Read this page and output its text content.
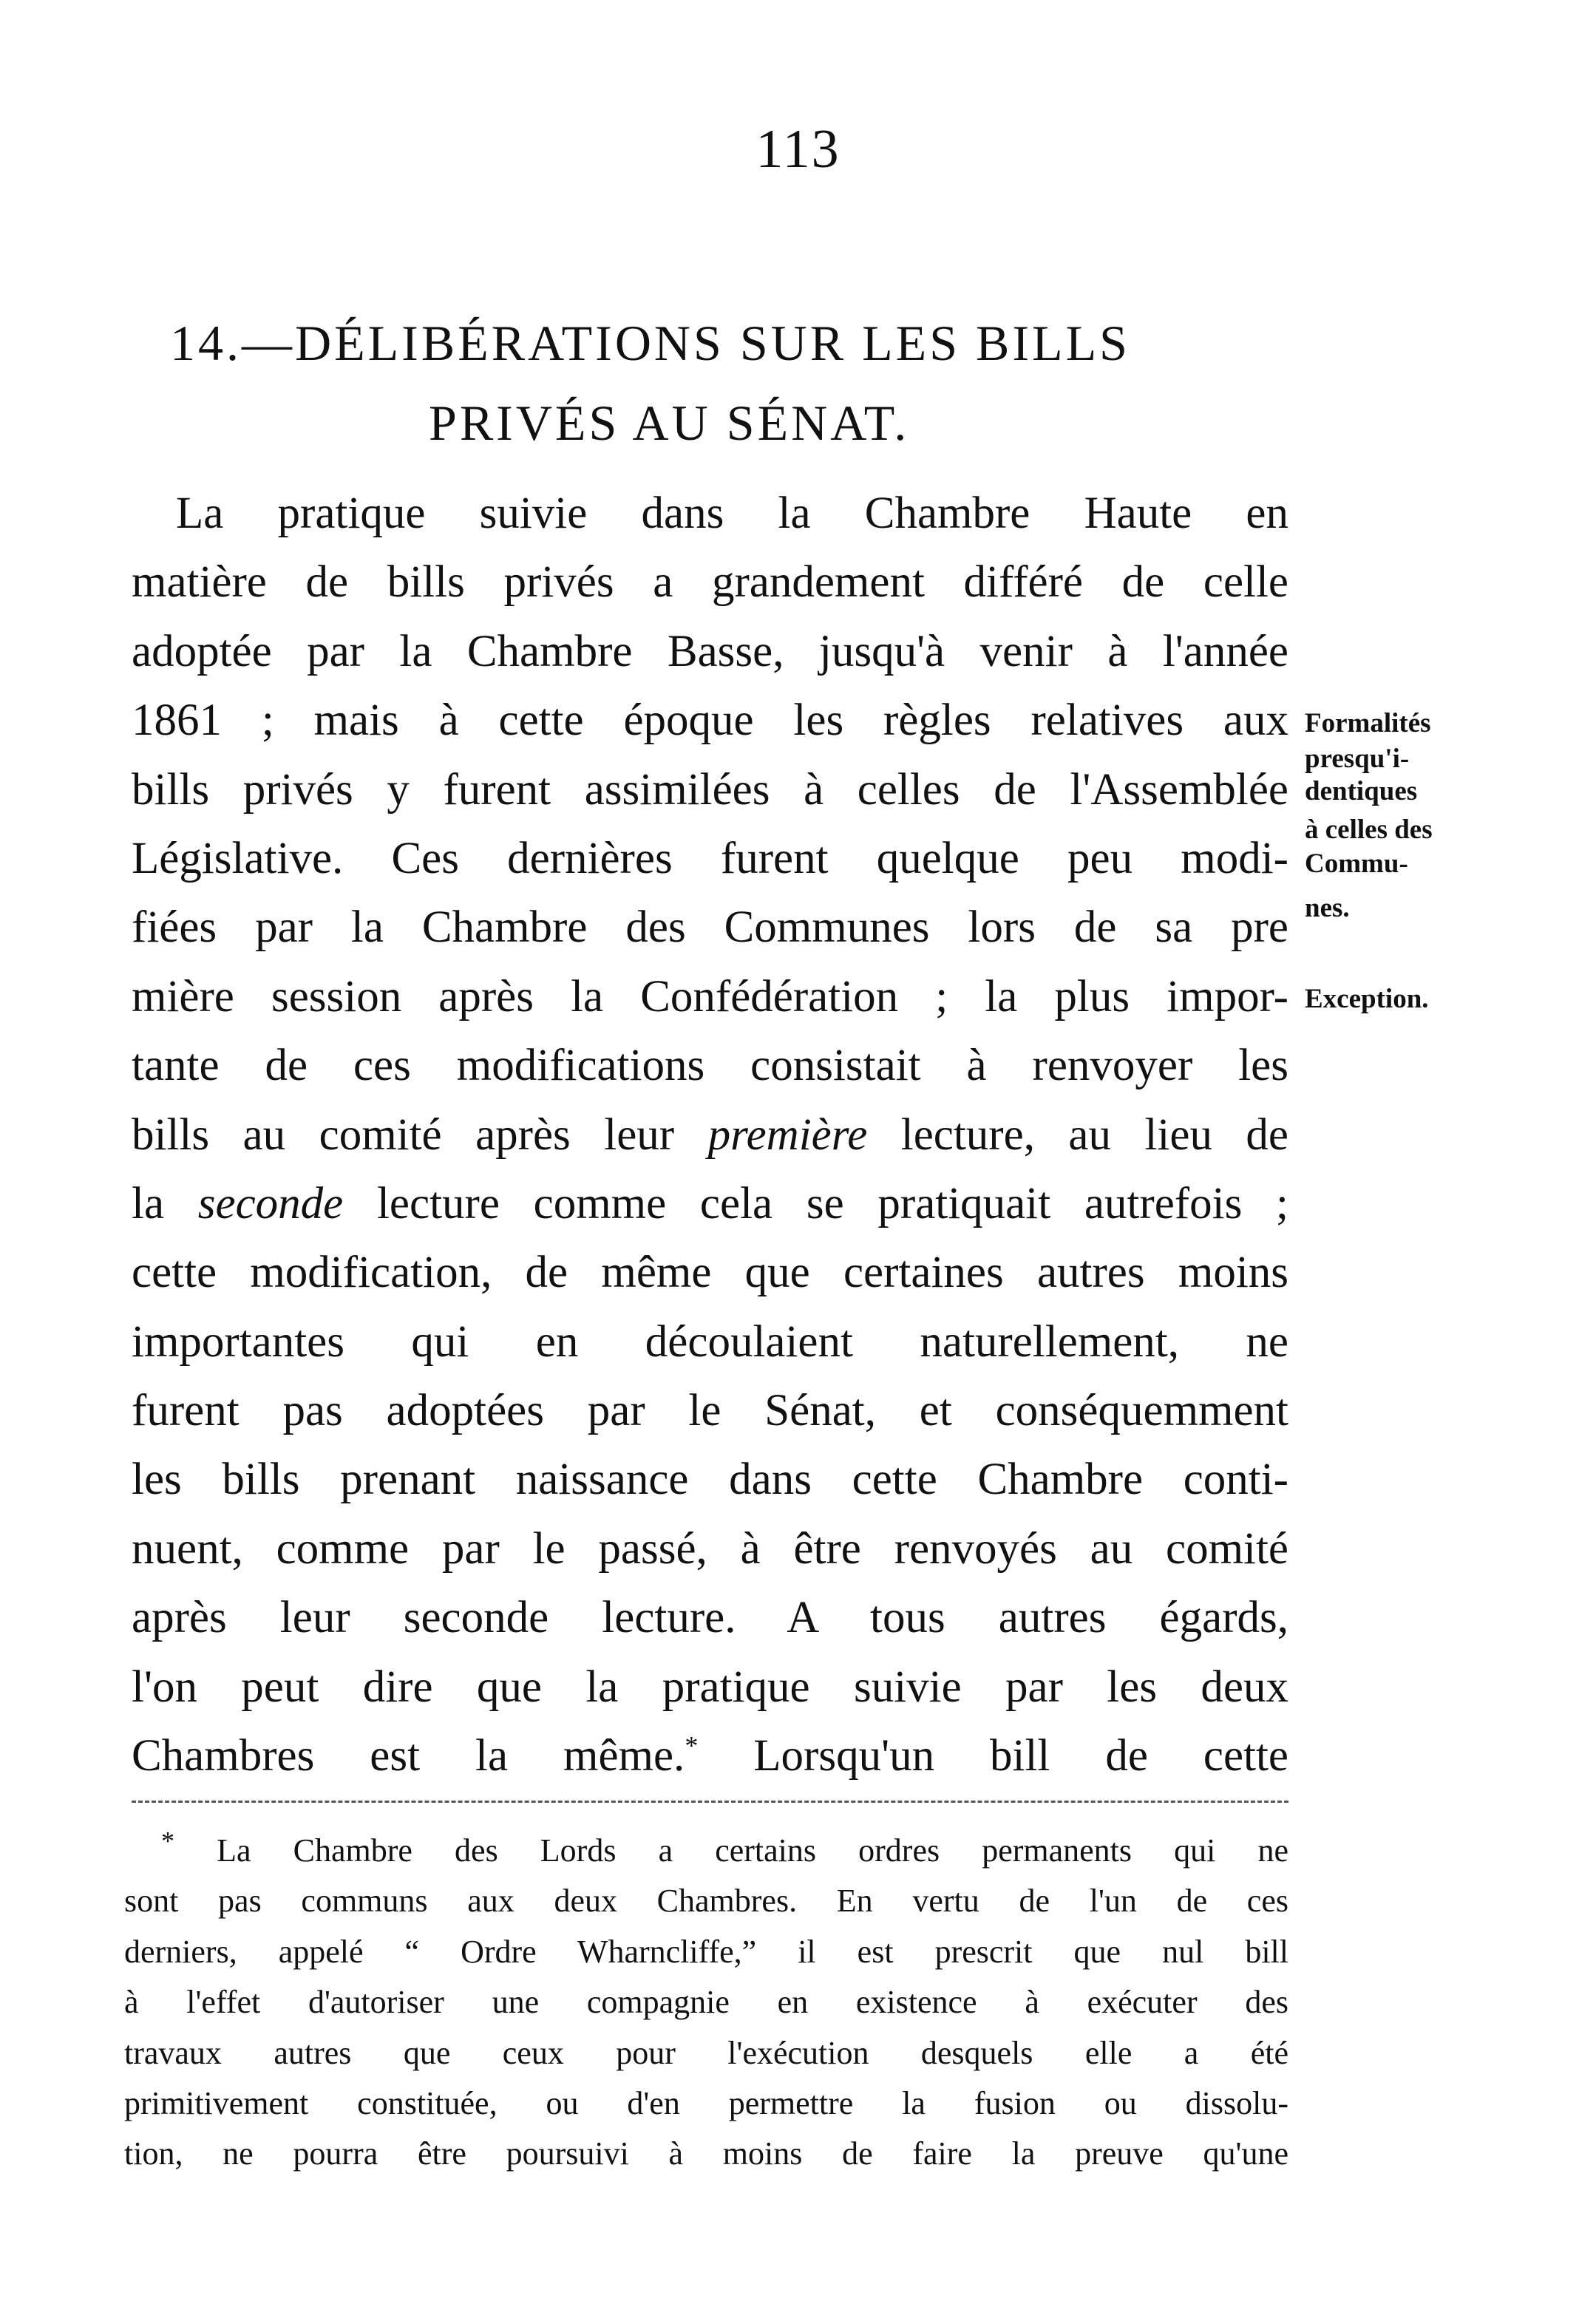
113
14.—DÉLIBÉRATIONS SUR LES BILLS
PRIVÉS AU SÉNAT.
La pratique suivie dans la Chambre Haute en
matière de bills privés a grandement différé de celle
adoptée par la Chambre Basse, jusqu'à venir à l'année
1861 ; mais à cette époque les règles relatives aux
bills privés y furent assimilées à celles de l'Assemblée
Législative. Ces dernières furent quelque peu modi-
fiées par la Chambre des Communes lors de sa pre
mière session après la Confédération ; la plus impor-
tante de ces modifications consistait à renvoyer les
bills au comité après leur première lecture, au lieu de
la seconde lecture comme cela se pratiquait autrefois ;
cette modification, de même que certaines autres moins
importantes qui en découlaient naturellement, ne
furent pas adoptées par le Sénat, et conséquemment
les bills prenant naissance dans cette Chambre conti-
nuent, comme par le passé, à être renvoyés au comité
après leur seconde lecture. A tous autres égards,
l'on peut dire que la pratique suivie par les deux
Chambres est la même.* Lorsqu'un bill de cette
Formalités
presqu'i-
dentiques
à celles des
Commu-
nes.
Exception.
* La Chambre des Lords a certains ordres permanents qui ne
sont pas communs aux deux Chambres. En vertu de l'un de ces
derniers, appelé “ Ordre Wharncliffe,” il est prescrit que nul bill
à l'effet d'autoriser une compagnie en existence à exécuter des
travaux autres que ceux pour l'exécution desquels elle a été
primitivement constituée, ou d'en permettre la fusion ou dissolu-
tion, ne pourra être poursuivi à moins de faire la preuve qu'une
